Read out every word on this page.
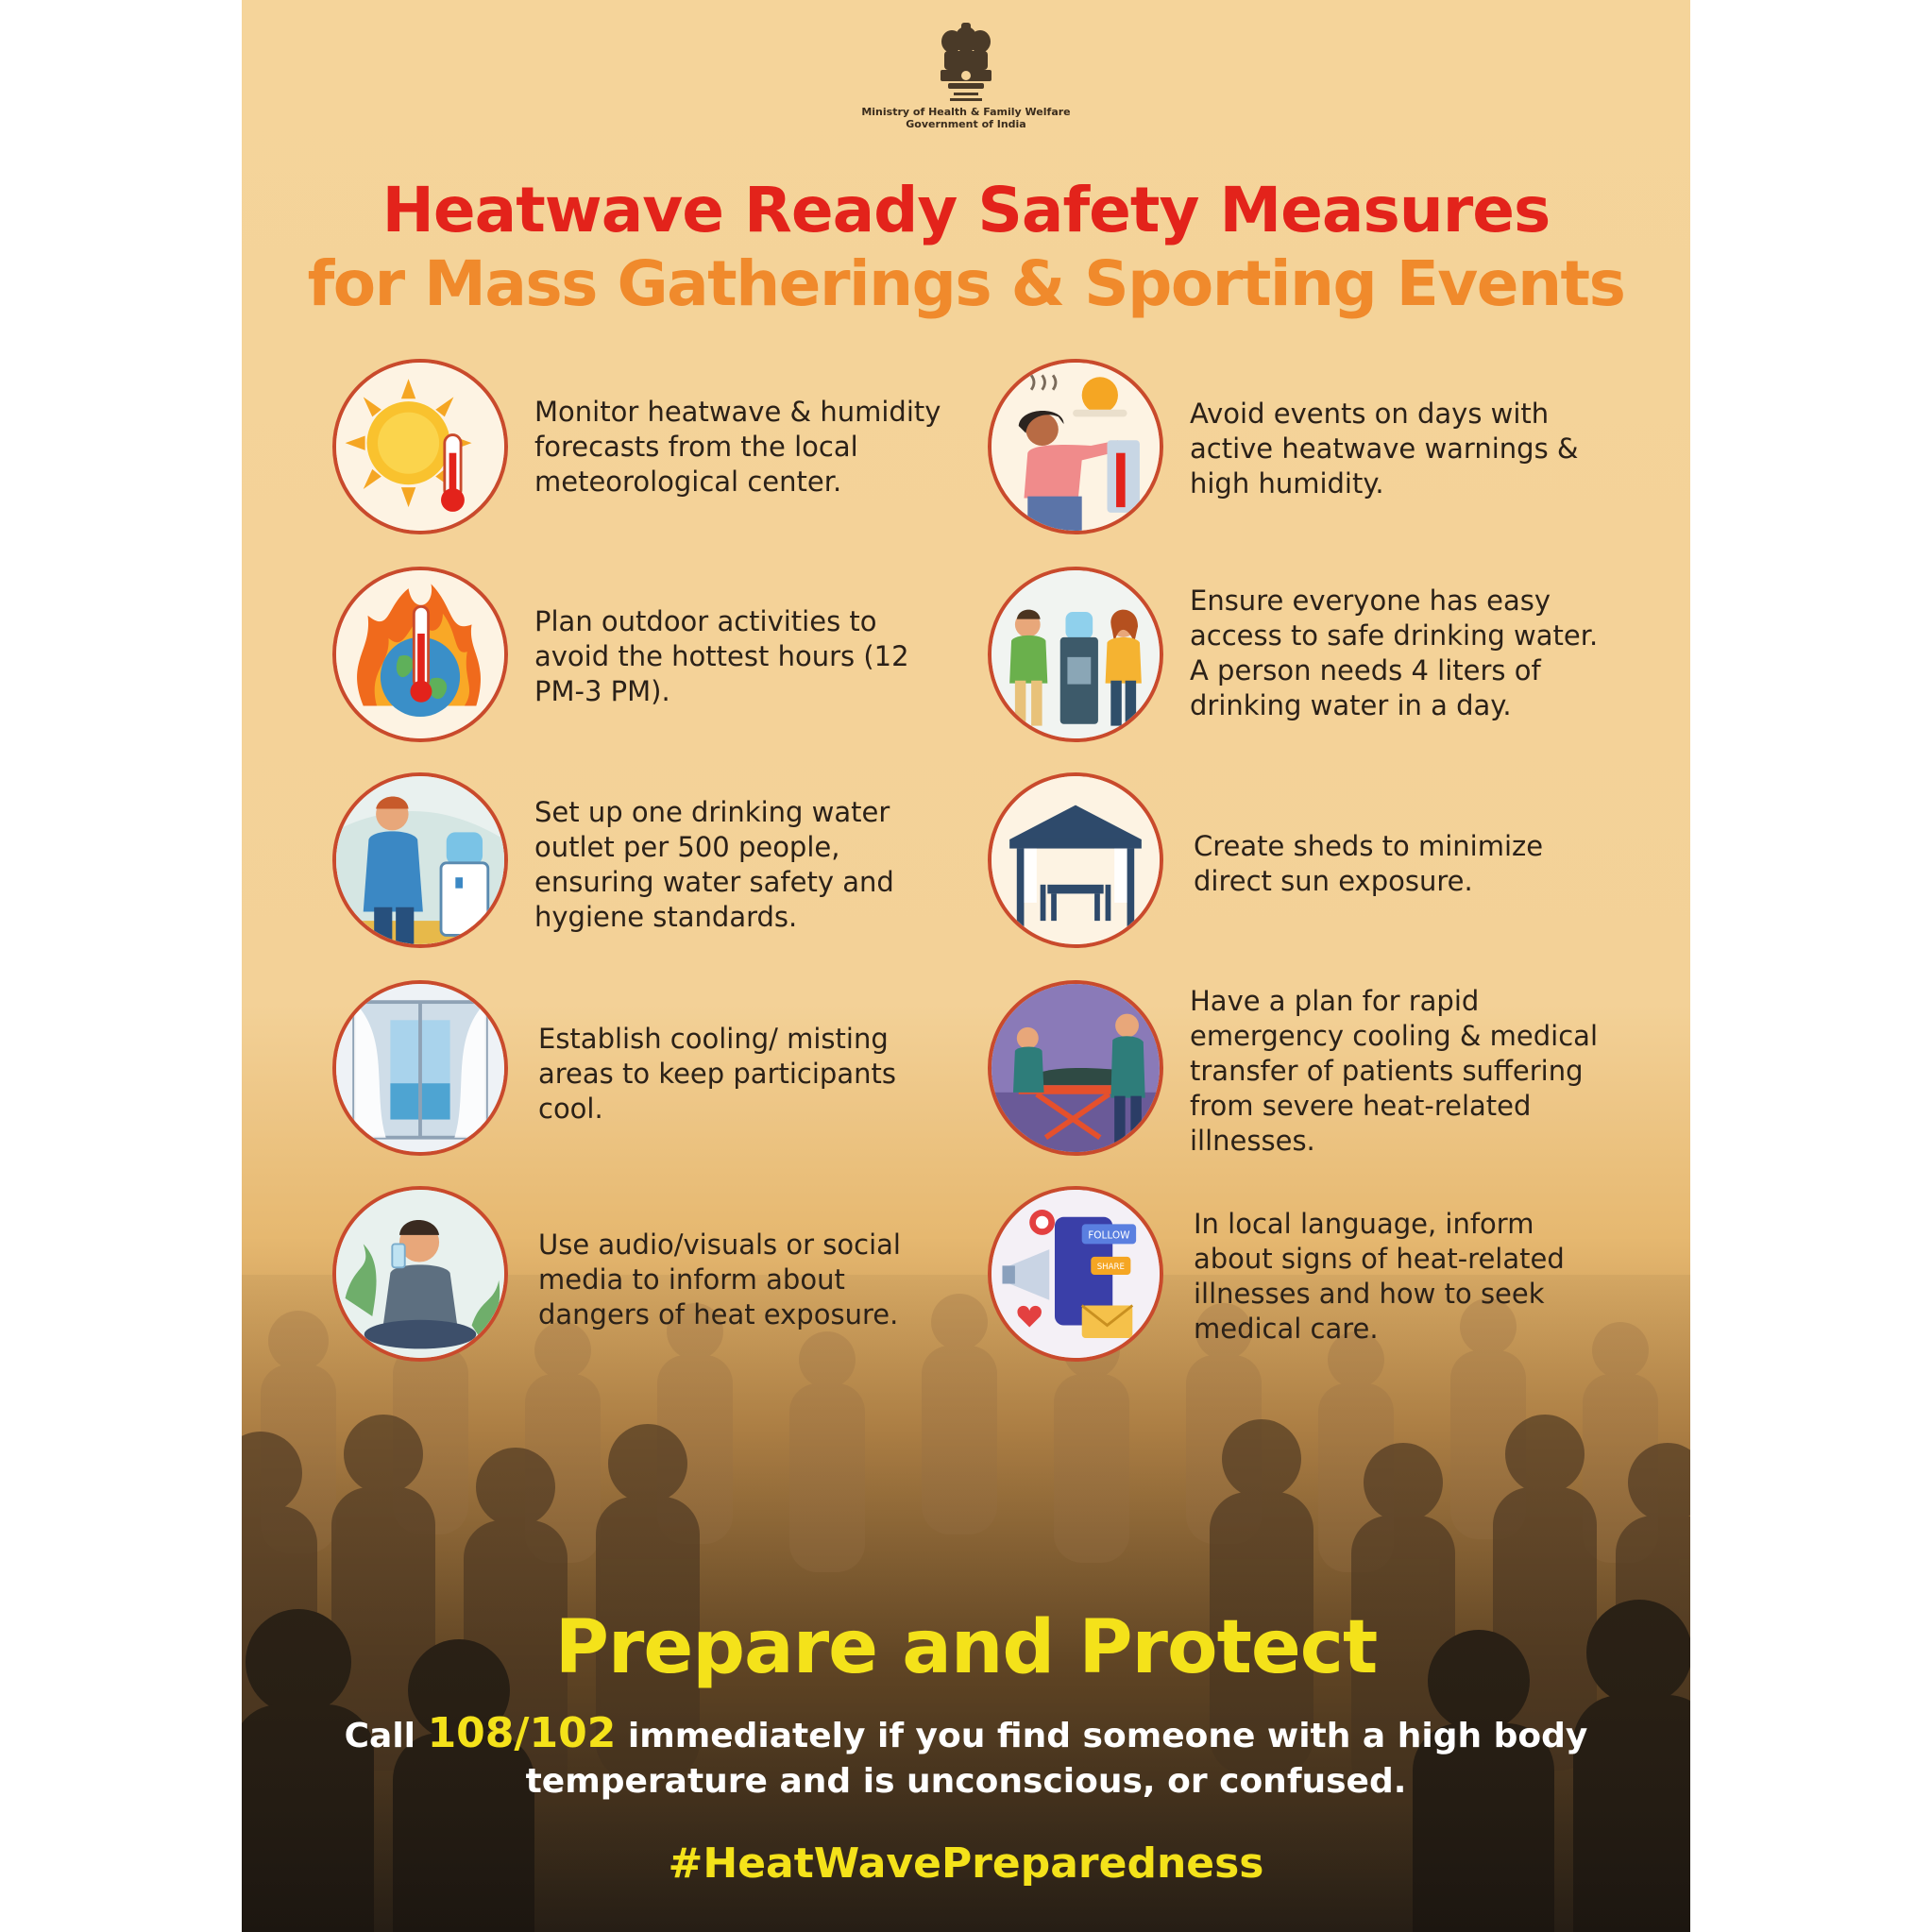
Ministry of Health & Family Welfare
Government of India
Heatwave Ready Safety Measures
for Mass Gatherings & Sporting Events
Monitor heatwave & humidity forecasts from the local meteorological center.
Plan outdoor activities to avoid the hottest hours (12 PM-3 PM).
Set up one drinking water outlet per 500 people, ensuring water safety and hygiene standards.
Establish cooling/ misting areas to keep participants cool.
Use audio/visuals or social media to inform about dangers of heat exposure.
Avoid events on days with active heatwave warnings & high humidity.
Ensure everyone has easy access to safe drinking water. A person needs 4 liters of drinking water in a day.
Create sheds to minimize direct sun exposure.
Have a plan for rapid emergency cooling & medical transfer of patients suffering from severe heat-related illnesses.
FOLLOW
SHARE
In local language, inform about signs of heat-related illnesses and how to seek medical care.
Prepare and Protect
Call 108/102 immediately if you find someone with a high body temperature and is unconscious, or confused.
#HeatWavePreparedness
